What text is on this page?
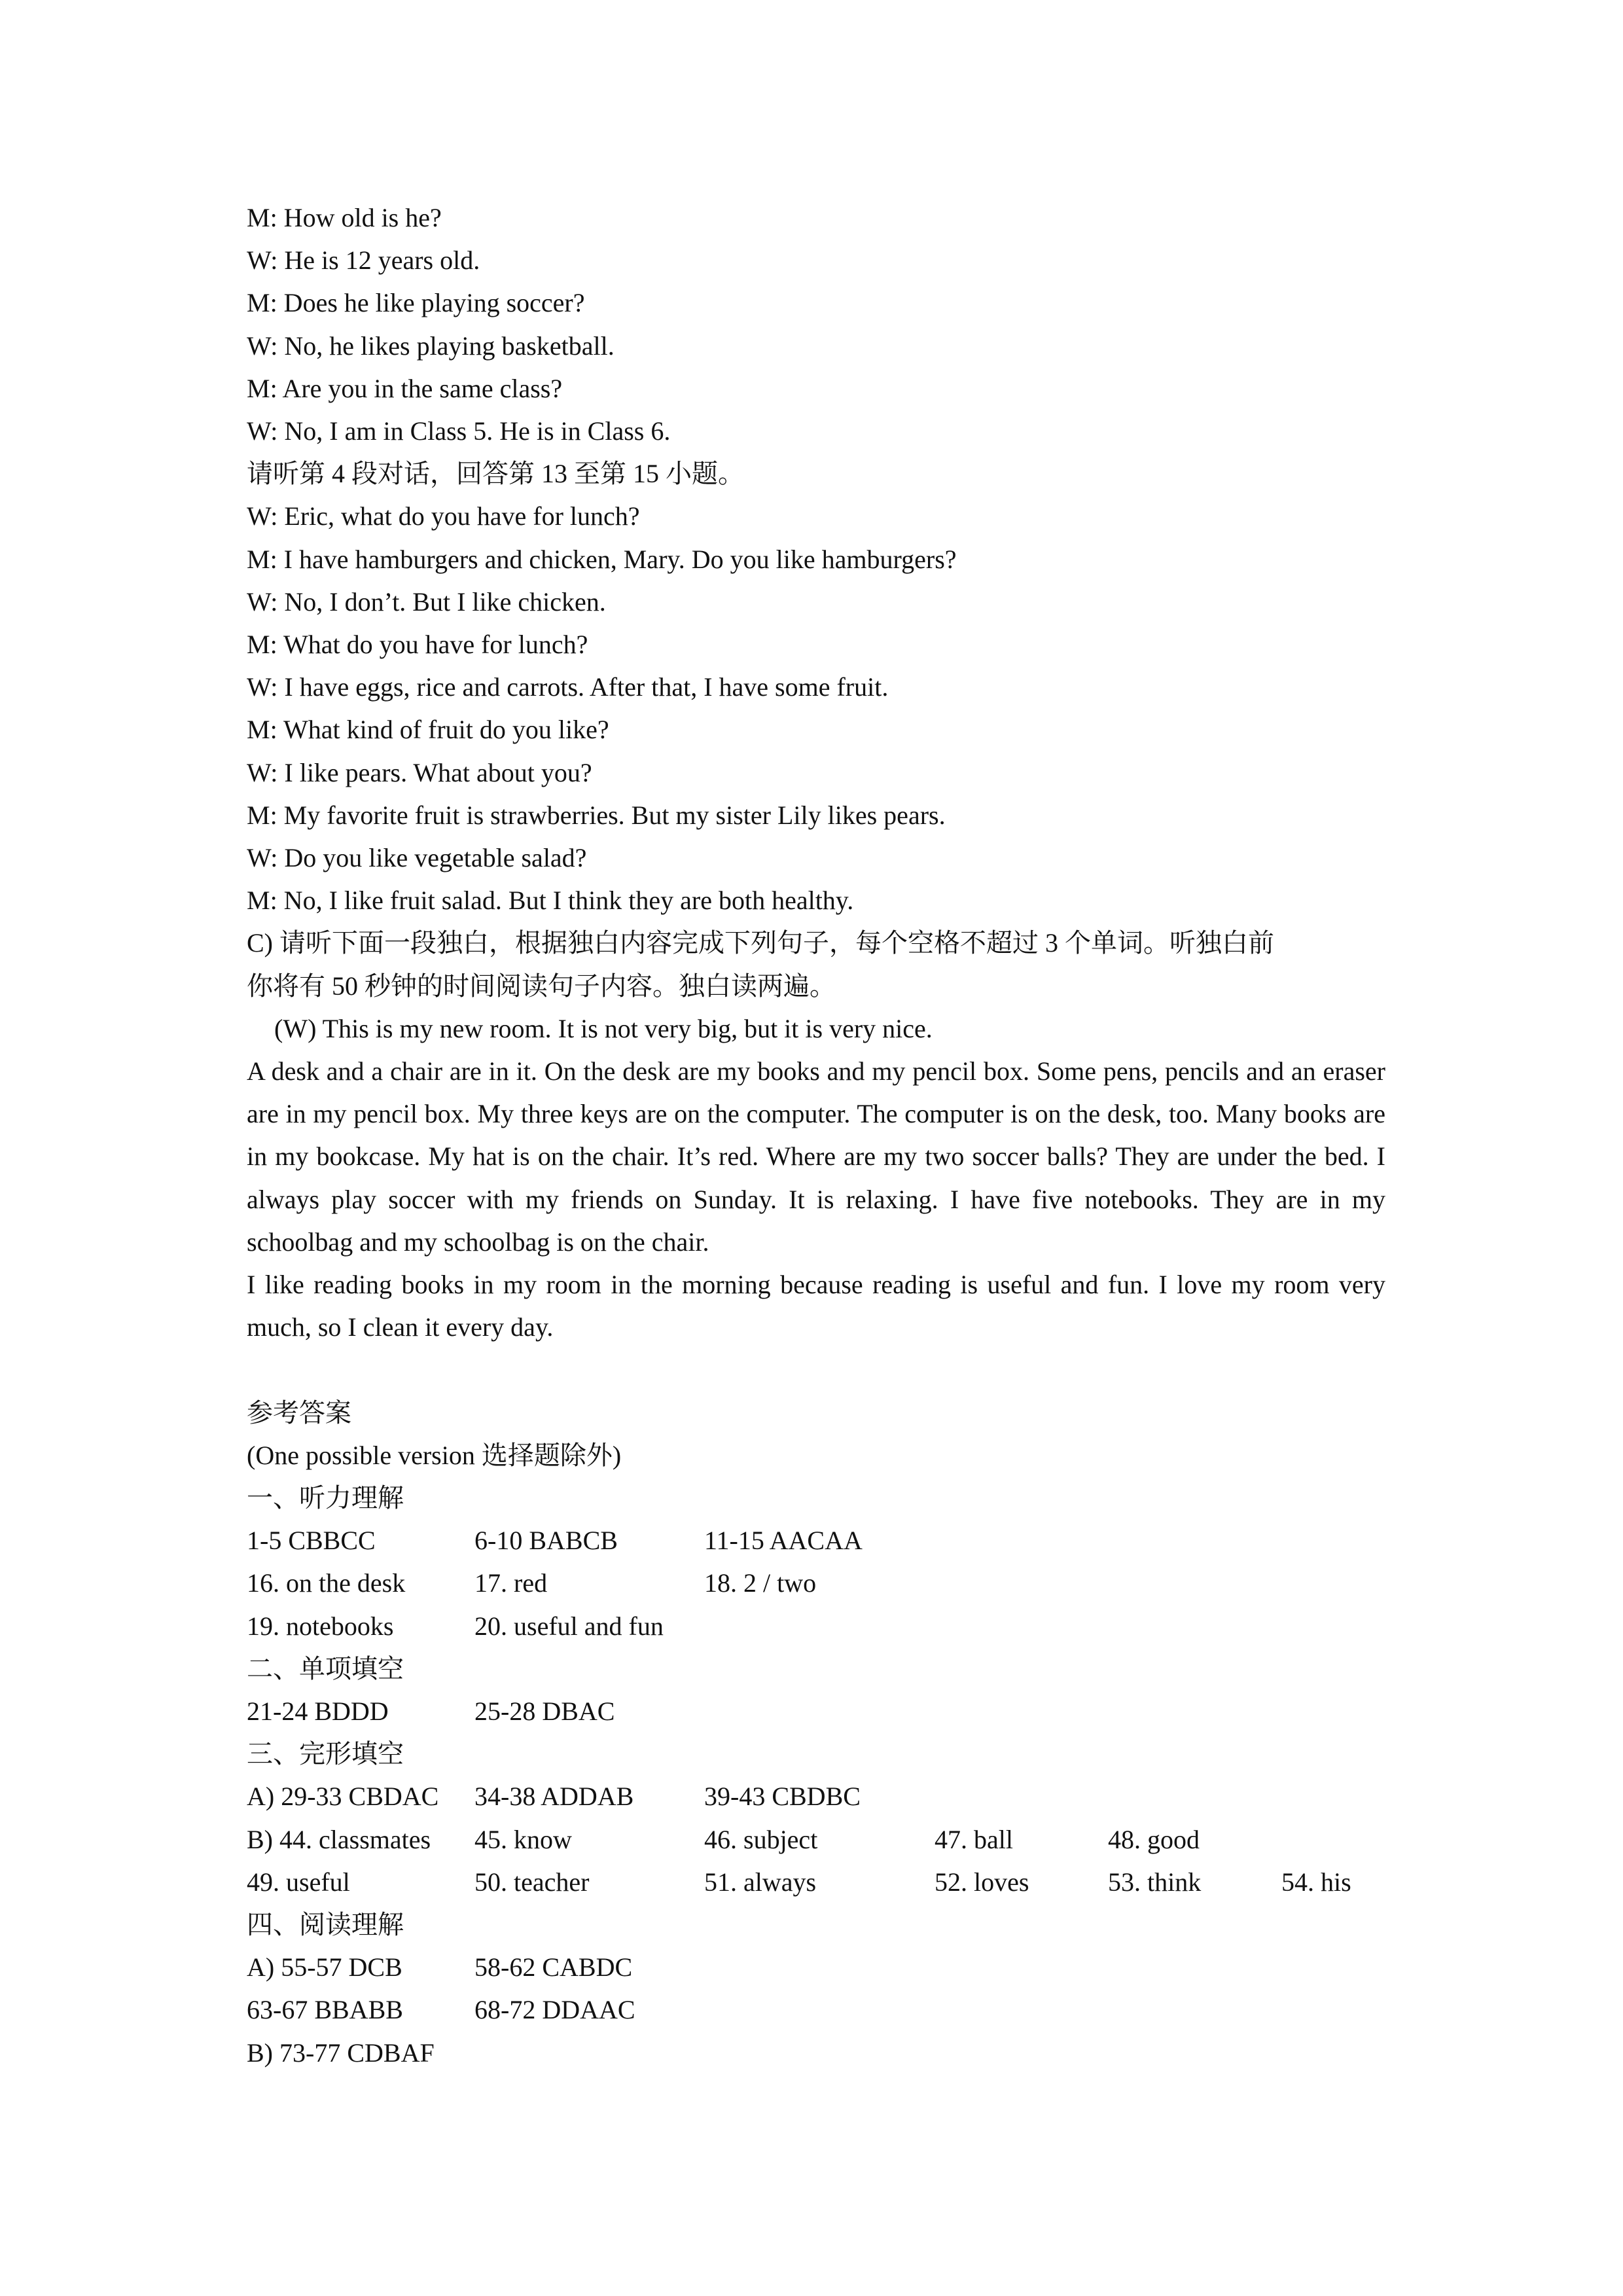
M: How old is he?
W: He is 12 years old.
M: Does he like playing soccer?
W: No, he likes playing basketball.
M: Are you in the same class?
W: No, I am in Class 5. He is in Class 6.
请听第 4 段对话，回答第 13 至第 15 小题。
W: Eric, what do you have for lunch?
M: I have hamburgers and chicken, Mary. Do you like hamburgers?
W: No, I don’t. But I like chicken.
M: What do you have for lunch?
W: I have eggs, rice and carrots. After that, I have some fruit.
M: What kind of fruit do you like?
W: I like pears. What about you?
M: My favorite fruit is strawberries. But my sister Lily likes pears.
W: Do you like vegetable salad?
M: No, I like fruit salad. But I think they are both healthy.
C) 请听下面一段独白，根据独白内容完成下列句子，每个空格不超过 3 个单词。听独白前
你将有 50 秒钟的时间阅读句子内容。独白读两遍。
(W) This is my new room. It is not very big, but it is very nice.
A desk and a chair are in it. On the desk are my books and my pencil box. Some pens, pencils and an eraser are in my pencil box. My three keys are on the computer. The computer is on the desk, too. Many books are in my bookcase. My hat is on the chair. It’s red. Where are my two soccer balls? They are under the bed. I always play soccer with my friends on Sunday. It is relaxing. I have five notebooks. They are in my schoolbag and my schoolbag is on the chair.
I like reading books in my room in the morning because reading is useful and fun. I love my room very much, so I clean it every day.
参考答案
(One possible version 选择题除外)
一、听力理解
1-5 CBBCC	6-10 BABCB	11-15 AACAA
16. on the desk	17. red	18. 2 / two
19. notebooks	20. useful and fun
二、单项填空
21-24 BDDD	25-28 DBAC
三、完形填空
A) 29-33 CBDAC	34-38 ADDAB	39-43 CBDBC
B) 44. classmates	45. know	46. subject	47. ball	48. good
49. useful	50. teacher	51. always	52. loves	53. think	54. his
四、阅读理解
A) 55-57 DCB	58-62 CABDC
63-67 BBABB	68-72 DDAAC
B) 73-77 CDBAF
